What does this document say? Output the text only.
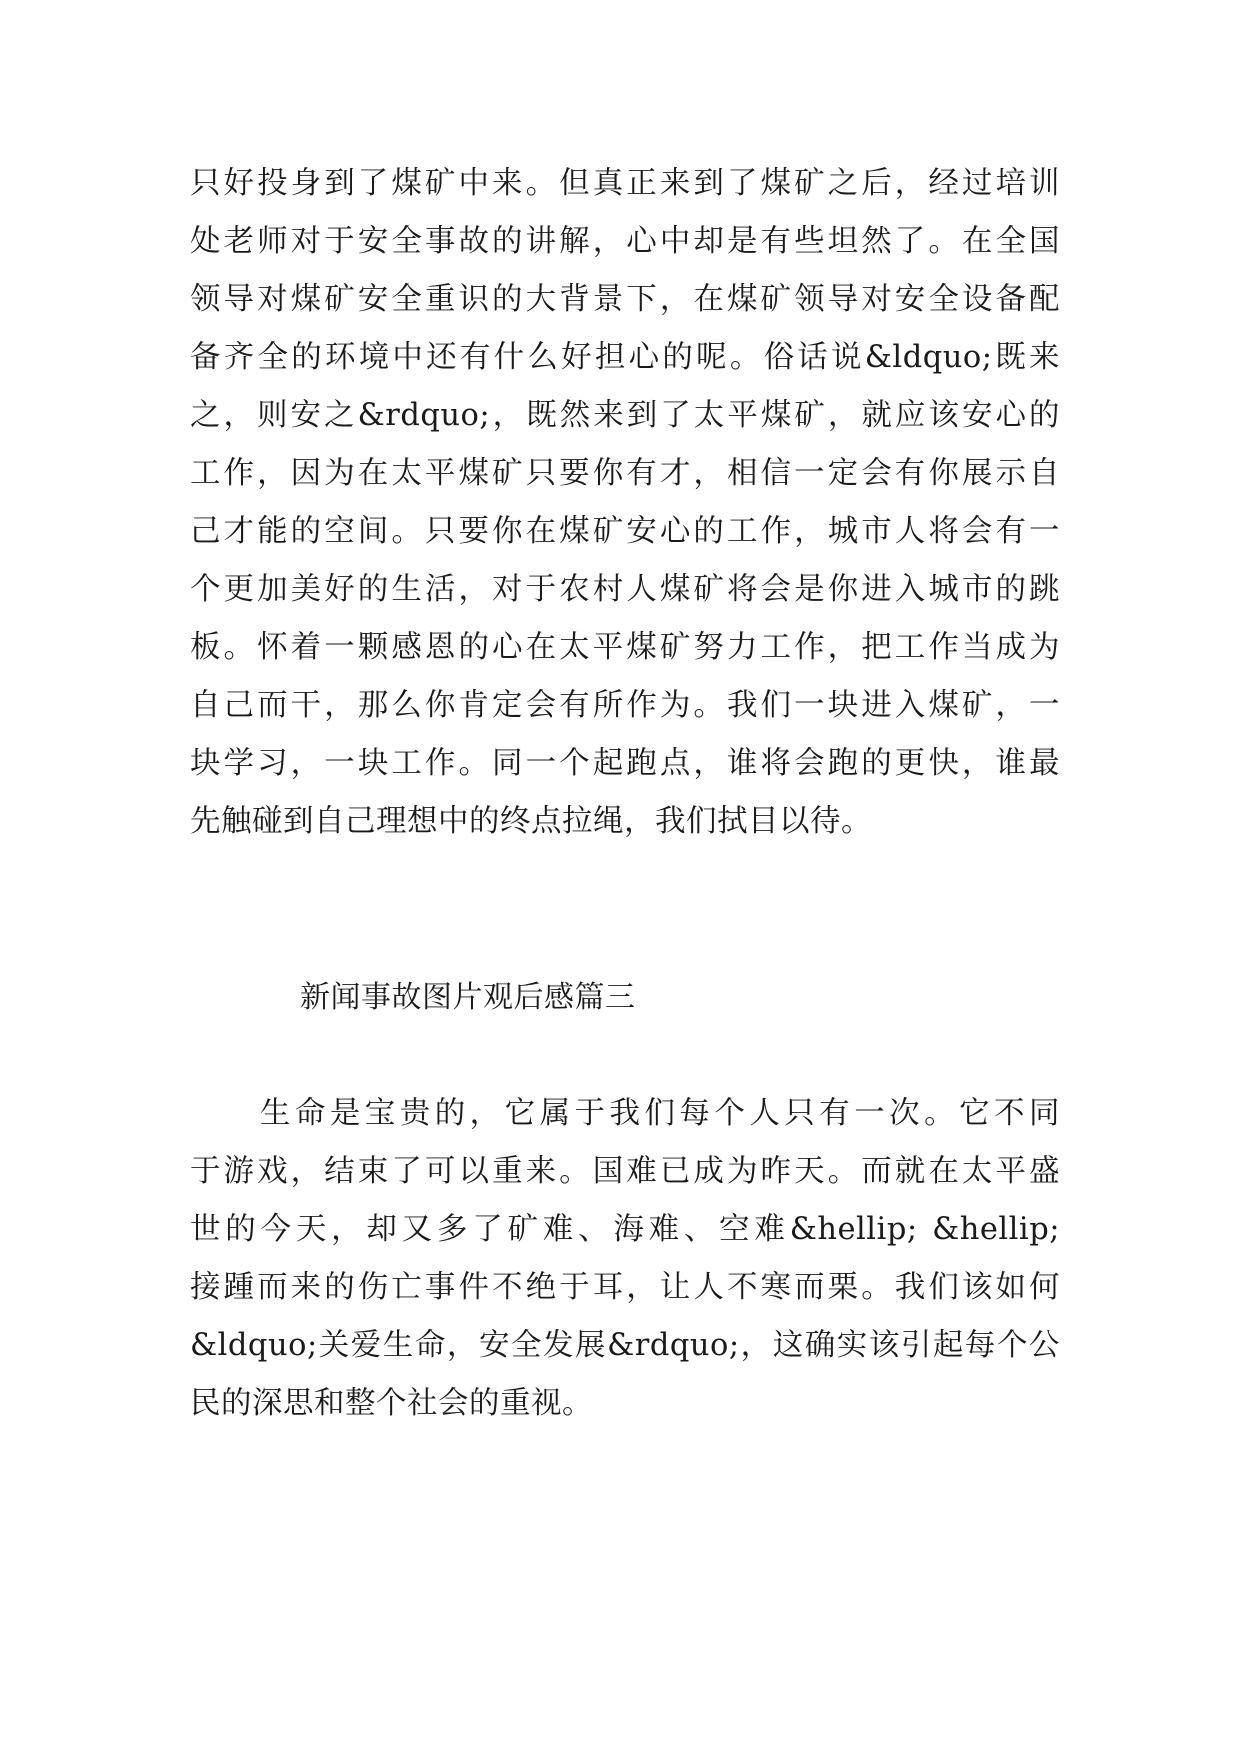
只好投身到了煤矿中来。但真正来到了煤矿之后，经过培训
处老师对于安全事故的讲解，心中却是有些坦然了。在全国
领导对煤矿安全重识的大背景下，在煤矿领导对安全设备配
备齐全的环境中还有什么好担心的呢。俗话说&ldquo;既来
之，则安之&rdquo;，既然来到了太平煤矿，就应该安心的
工作，因为在太平煤矿只要你有才，相信一定会有你展示自
己才能的空间。只要你在煤矿安心的工作，城市人将会有一
个更加美好的生活，对于农村人煤矿将会是你进入城市的跳
板。怀着一颗感恩的心在太平煤矿努力工作，把工作当成为
自己而干，那么你肯定会有所作为。我们一块进入煤矿，一
块学习，一块工作。同一个起跑点，谁将会跑的更快，谁最
先触碰到自己理想中的终点拉绳，我们拭目以待。
新闻事故图片观后感篇三
　　生命是宝贵的，它属于我们每个人只有一次。它不同
于游戏，结束了可以重来。国难已成为昨天。而就在太平盛
世的今天，却又多了矿难、海难、空难&hellip; &hellip;
接踵而来的伤亡事件不绝于耳，让人不寒而栗。我们该如何
&ldquo;关爱生命，安全发展&rdquo;，这确实该引起每个公
民的深思和整个社会的重视。
